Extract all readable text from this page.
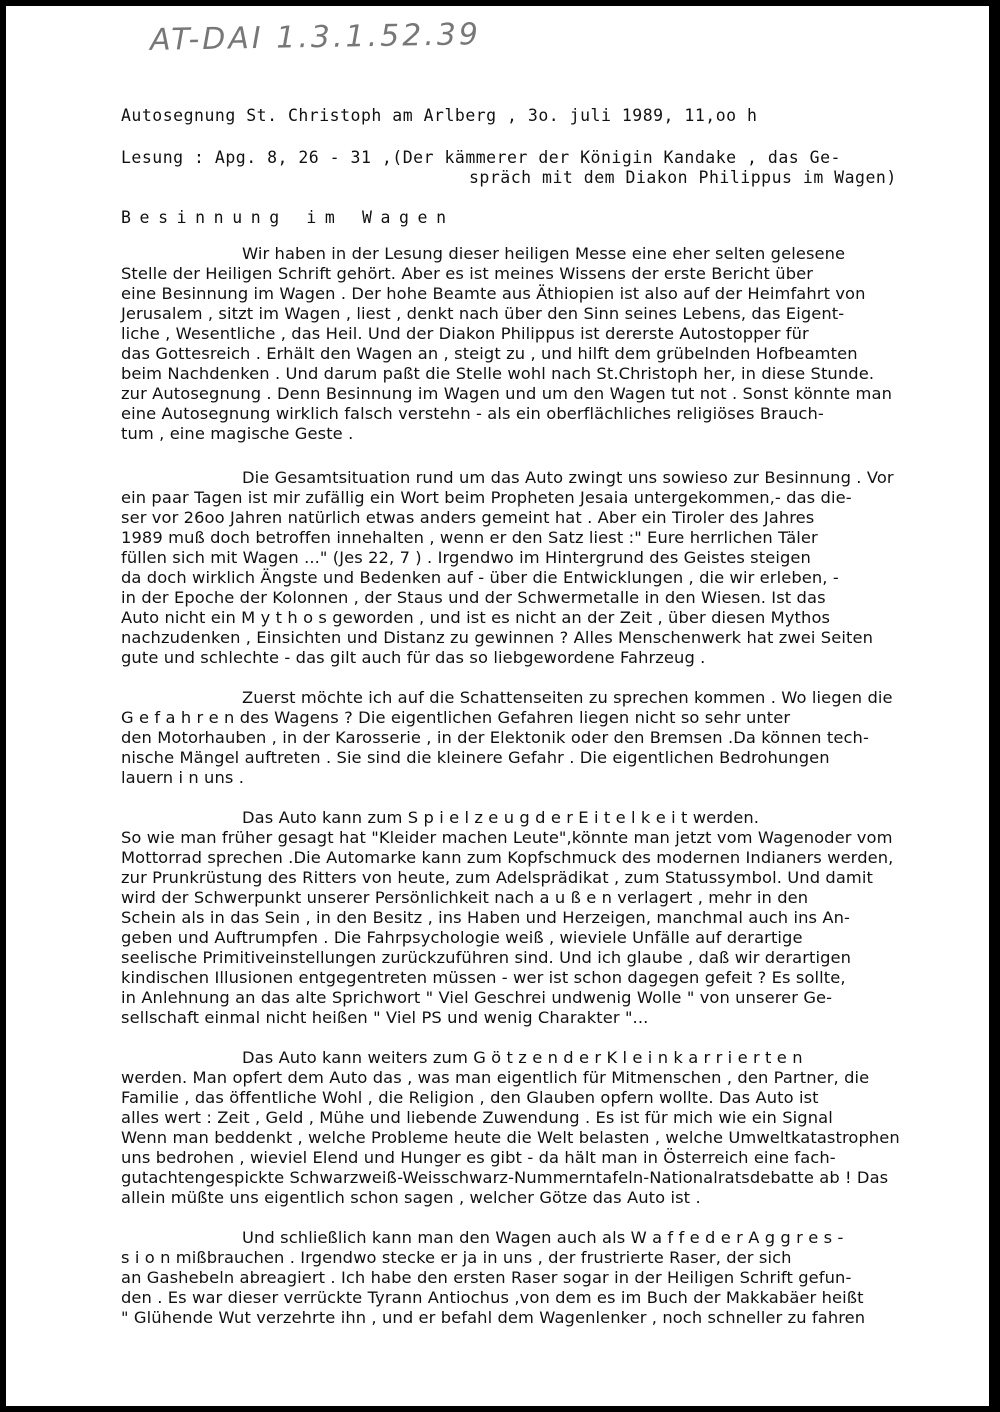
AT-DAI 1.3.1.52.39
Autosegnung St. Christoph am Arlberg , 3o. juli 1989, 11,oo h
Lesung : Apg. 8, 26 - 31 ,(Der kämmerer der Königin Kandake , das Ge-
spräch mit dem Diakon Philippus im Wagen)
Besinnung im Wagen
Wir haben in der Lesung dieser heiligen Messe eine eher selten gelesene
Stelle der Heiligen Schrift gehört. Aber es ist meines Wissens der erste Bericht über
eine Besinnung im Wagen . Der hohe Beamte aus Äthiopien ist also auf der Heimfahrt von
Jerusalem , sitzt im Wagen , liest , denkt nach über den Sinn seines Lebens, das Eigent-
liche , Wesentliche , das Heil. Und der Diakon Philippus ist dererste Autostopper für
das Gottesreich . Erhält den Wagen an , steigt zu , und hilft dem grübelnden Hofbeamten
beim Nachdenken . Und darum paßt die Stelle wohl nach St.Christoph her, in diese Stunde.
zur Autosegnung . Denn Besinnung im Wagen und um den Wagen tut not . Sonst könnte man
eine Autosegnung wirklich falsch verstehn - als ein oberflächliches religiöses Brauch-
tum , eine magische Geste .
Die Gesamtsituation rund um das Auto zwingt uns sowieso zur Besinnung . Vor
ein paar Tagen ist mir zufällig ein Wort beim Propheten Jesaia untergekommen,- das die-
ser vor 26oo Jahren natürlich etwas anders gemeint hat . Aber ein Tiroler des Jahres
1989 muß doch betroffen innehalten , wenn er den Satz liest :" Eure herrlichen Täler
füllen sich mit Wagen ..." (Jes 22, 7 ) . Irgendwo im Hintergrund des Geistes steigen
da doch wirklich Ängste und Bedenken auf - über die Entwicklungen , die wir erleben, -
in der Epoche der Kolonnen , der Staus und der Schwermetalle in den Wiesen. Ist das
Auto nicht ein M y t h o s geworden , und ist es nicht an der Zeit , über diesen Mythos
nachzudenken , Einsichten und Distanz zu gewinnen ? Alles Menschenwerk hat zwei Seiten
gute und schlechte - das gilt auch für das so liebgewordene Fahrzeug .
Zuerst möchte ich auf die Schattenseiten zu sprechen kommen . Wo liegen die
G e f a h r e n des Wagens ? Die eigentlichen Gefahren liegen nicht so sehr unter
den Motorhauben , in der Karosserie , in der Elektonik oder den Bremsen .Da können tech-
nische Mängel auftreten . Sie sind die kleinere Gefahr . Die eigentlichen Bedrohungen
lauern i n uns .
Das Auto kann zum S p i e l z e u g d e r E i t e l k e i t werden.
So wie man früher gesagt hat "Kleider machen Leute",könnte man jetzt vom Wagenoder vom
Mottorrad sprechen .Die Automarke kann zum Kopfschmuck des modernen Indianers werden,
zur Prunkrüstung des Ritters von heute, zum Adelsprädikat , zum Statussymbol. Und damit
wird der Schwerpunkt unserer Persönlichkeit nach a u ß e n verlagert , mehr in den
Schein als in das Sein , in den Besitz , ins Haben und Herzeigen, manchmal auch ins An-
geben und Auftrumpfen . Die Fahrpsychologie weiß , wieviele Unfälle auf derartige
seelische Primitiveinstellungen zurückzuführen sind. Und ich glaube , daß wir derartigen
kindischen Illusionen entgegentreten müssen - wer ist schon dagegen gefeit ? Es sollte,
in Anlehnung an das alte Sprichwort " Viel Geschrei undwenig Wolle " von unserer Ge-
sellschaft einmal nicht heißen " Viel PS und wenig Charakter "...
Das Auto kann weiters zum G ö t z e n d e r K l e i n k a r r i e r t e n
werden. Man opfert dem Auto das , was man eigentlich für Mitmenschen , den Partner, die
Familie , das öffentliche Wohl , die Religion , den Glauben opfern wollte. Das Auto ist
alles wert : Zeit , Geld , Mühe und liebende Zuwendung . Es ist für mich wie ein Signal
Wenn man beddenkt , welche Probleme heute die Welt belasten , welche Umweltkatastrophen
uns bedrohen , wieviel Elend und Hunger es gibt - da hält man in Österreich eine fach-
gutachtengespickte Schwarzweiß-Weisschwarz-Nummerntafeln-Nationalratsdebatte ab ! Das
allein müßte uns eigentlich schon sagen , welcher Götze das Auto ist .
Und schließlich kann man den Wagen auch als W a f f e d e r A g g r e s -
s i o n mißbrauchen . Irgendwo stecke er ja in uns , der frustrierte Raser, der sich
an Gashebeln abreagiert . Ich habe den ersten Raser sogar in der Heiligen Schrift gefun-
den . Es war dieser verrückte Tyrann Antiochus ,von dem es im Buch der Makkabäer heißt
" Glühende Wut verzehrte ihn , und er befahl dem Wagenlenker , noch schneller zu fahren
